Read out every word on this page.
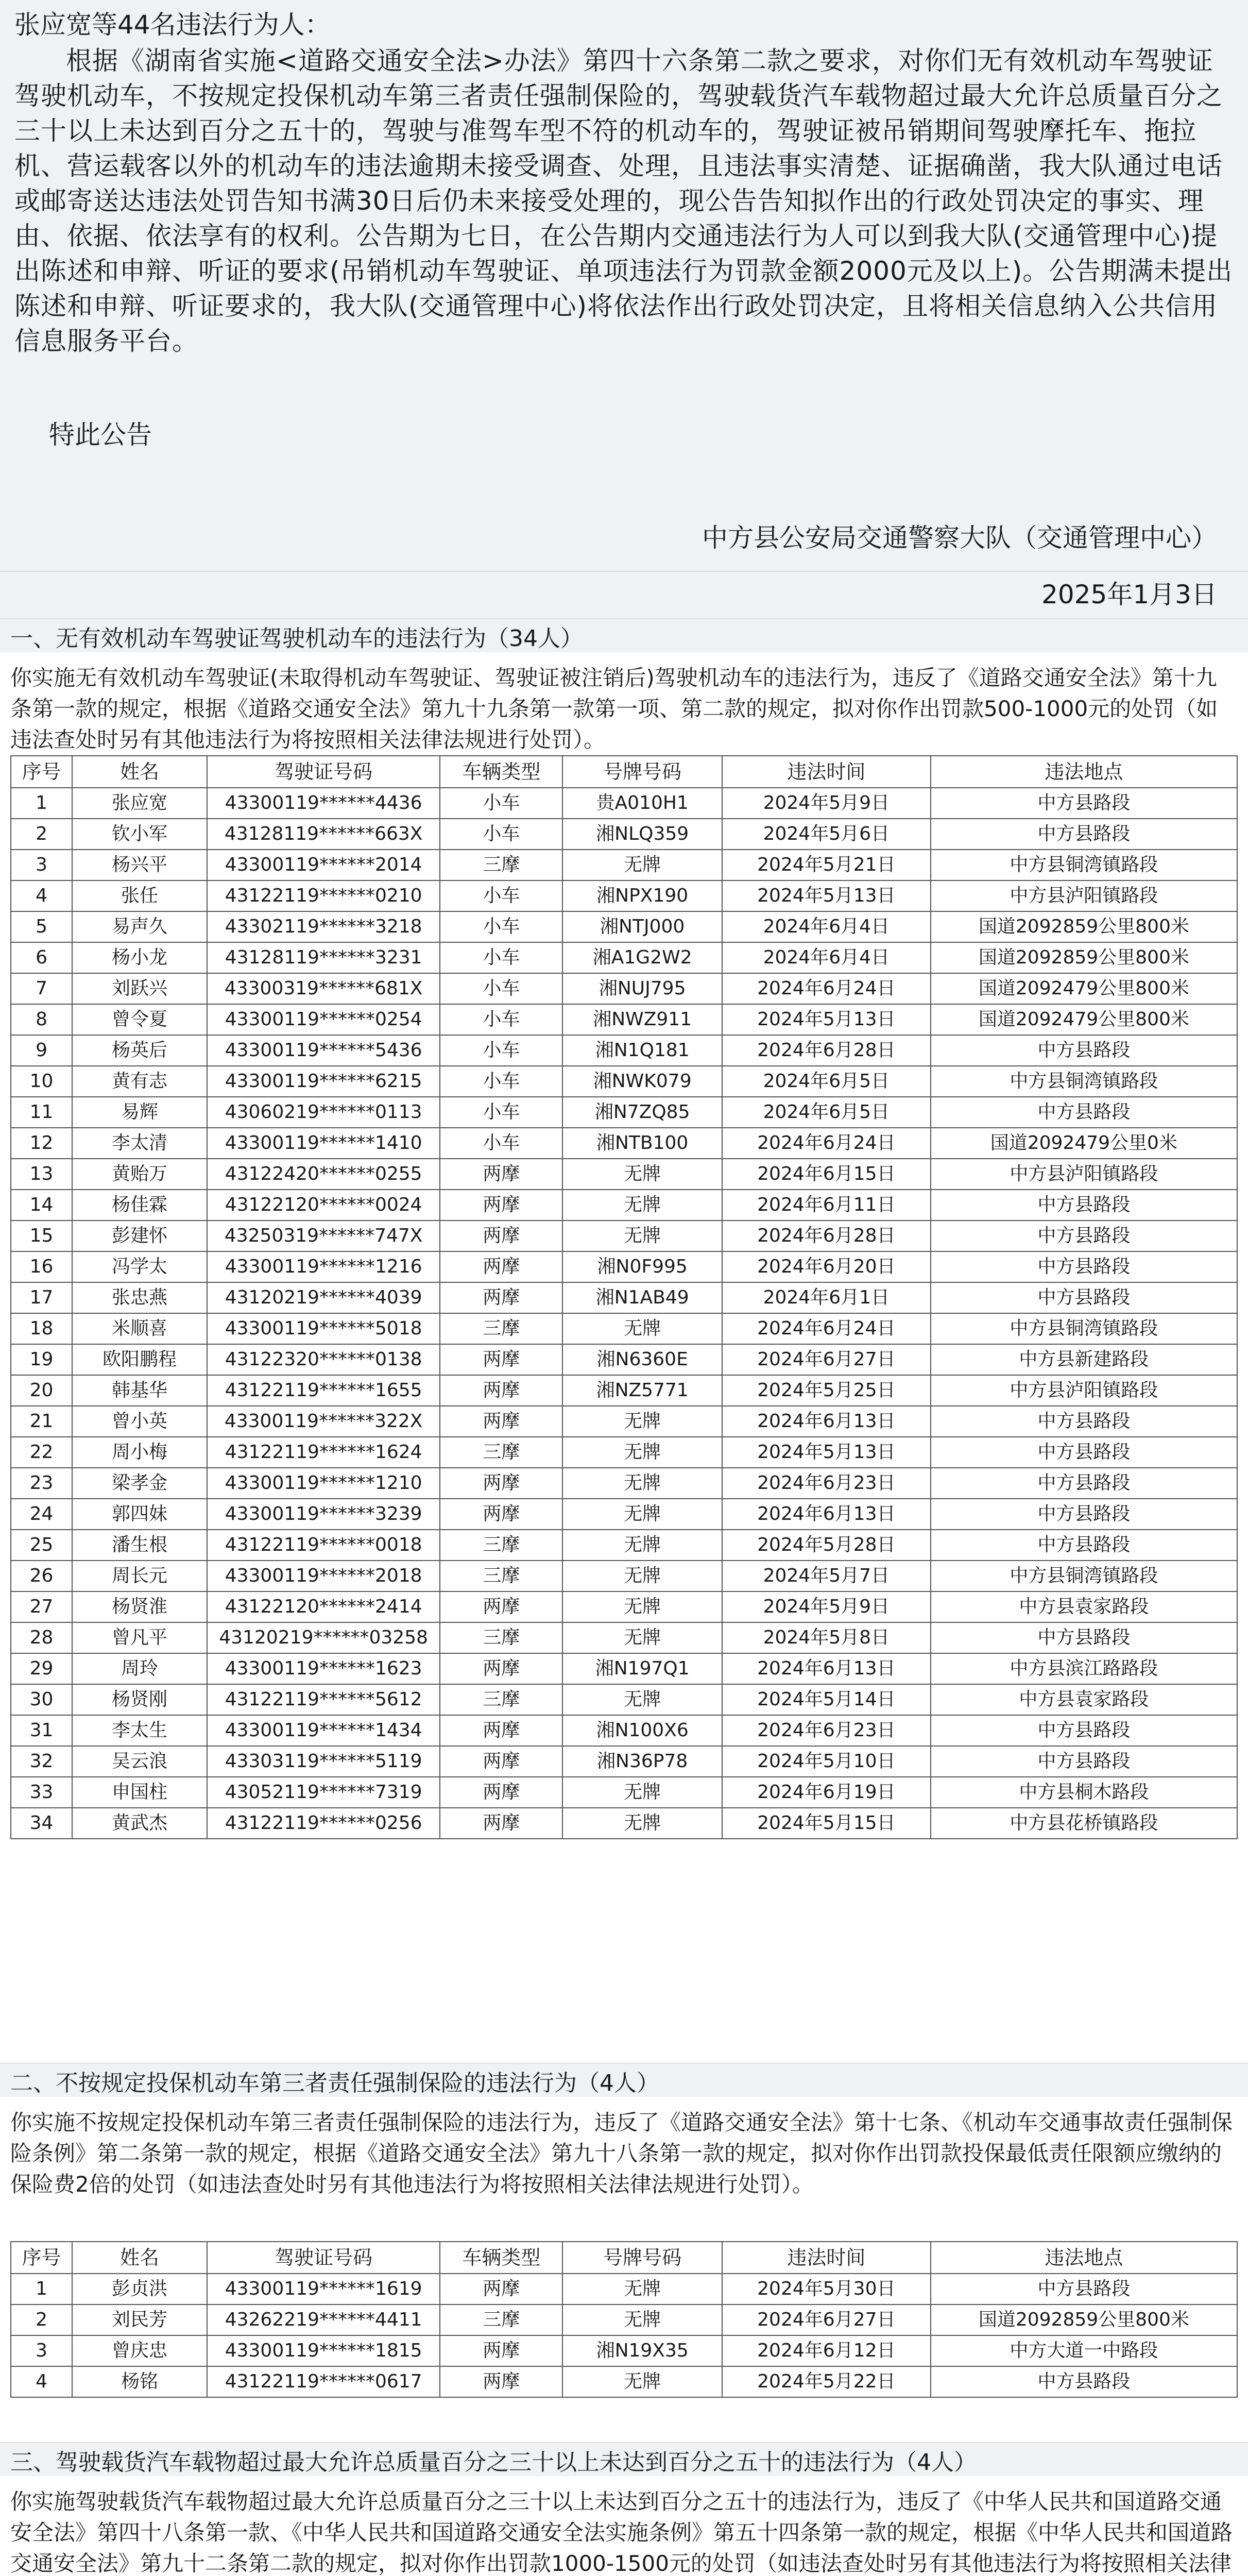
张应宽等44名违法行为人：

根据《湖南省实施<道路交通安全法>办法》第四十六条第二款之要求，对你们无有效机动车驾驶证驾驶机动车，不按规定投保机动车第三者责任强制保险的，驾驶载货汽车载物超过最大允许总质量百分之三十以上未达到百分之五十的，驾驶与准驾车型不符的机动车的，驾驶证被吊销期间驾驶摩托车、拖拉机、营运载客以外的机动车的违法逾期未接受调查、处理，且违法事实清楚、证据确凿，我大队通过电话或邮寄送达违法处罚告知书满30日后仍未来接受处理的，现公告告知拟作出的行政处罚决定的事实、理由、依据、依法享有的权利。公告期为七日，在公告期内交通违法行为人可以到我大队(交通管理中心)提出陈述和申辩、听证的要求(吊销机动车驾驶证、单项违法行为罚款金额2000元及以上)。公告期满未提出陈述和申辩、听证要求的，我大队(交通管理中心)将依法作出行政处罚决定，且将相关信息纳入公共信用信息服务平台。

特此公告

中方县公安局交通警察大队（交通管理中心）

2025年1月3日

一、无有效机动车驾驶证驾驶机动车的违法行为（34人）
你实施无有效机动车驾驶证(未取得机动车驾驶证、驾驶证被注销后)驾驶机动车的违法行为，违反了《道路交通安全法》第十九条第一款的规定，根据《道路交通安全法》第九十九条第一款第一项、第二款的规定，拟对你作出罚款500-1000元的处罚（如违法查处时另有其他违法行为将按照相关法律法规进行处罚）。
序号	姓名	驾驶证号码	车辆类型	号牌号码	违法时间	违法地点
1	张应宽	43300119******4436	小车	贵A010H1	2024年5月9日	中方县路段
2	钦小军	43128119******663X	小车	湘NLQ359	2024年5月6日	中方县路段
3	杨兴平	43300119******2014	三摩	无牌	2024年5月21日	中方县铜湾镇路段
4	张任	43122119******0210	小车	湘NPX190	2024年5月13日	中方县泸阳镇路段
5	易声久	43302119******3218	小车	湘NTJ000	2024年6月4日	国道2092859公里800米
6	杨小龙	43128119******3231	小车	湘A1G2W2	2024年6月4日	国道2092859公里800米
7	刘跃兴	43300319******681X	小车	湘NUJ795	2024年6月24日	国道2092479公里800米
8	曾令夏	43300119******0254	小车	湘NWZ911	2024年5月13日	国道2092479公里800米
9	杨英后	43300119******5436	小车	湘N1Q181	2024年6月28日	中方县路段
10	黄有志	43300119******6215	小车	湘NWK079	2024年6月5日	中方县铜湾镇路段
11	易辉	43060219******0113	小车	湘N7ZQ85	2024年6月5日	中方县路段
12	李太清	43300119******1410	小车	湘NTB100	2024年6月24日	国道2092479公里0米
13	黄贻万	43122420******0255	两摩	无牌	2024年6月15日	中方县泸阳镇路段
14	杨佳霖	43122120******0024	两摩	无牌	2024年6月11日	中方县路段
15	彭建怀	43250319******747X	两摩	无牌	2024年6月28日	中方县路段
16	冯学太	43300119******1216	两摩	湘N0F995	2024年6月20日	中方县路段
17	张忠燕	43120219******4039	两摩	湘N1AB49	2024年6月1日	中方县路段
18	米顺喜	43300119******5018	三摩	无牌	2024年6月24日	中方县铜湾镇路段
19	欧阳鹏程	43122320******0138	两摩	湘N6360E	2024年6月27日	中方县新建路段
20	韩基华	43122119******1655	两摩	湘NZ5771	2024年5月25日	中方县泸阳镇路段
21	曾小英	43300119******322X	两摩	无牌	2024年6月13日	中方县路段
22	周小梅	43122119******1624	三摩	无牌	2024年5月13日	中方县路段
23	梁孝金	43300119******1210	两摩	无牌	2024年6月23日	中方县路段
24	郭四妹	43300119******3239	两摩	无牌	2024年6月13日	中方县路段
25	潘生根	43122119******0018	三摩	无牌	2024年5月28日	中方县路段
26	周长元	43300119******2018	三摩	无牌	2024年5月7日	中方县铜湾镇路段
27	杨贤淮	43122120******2414	两摩	无牌	2024年5月9日	中方县袁家路段
28	曾凡平	43120219******03258	三摩	无牌	2024年5月8日	中方县路段
29	周玲	43300119******1623	两摩	湘N197Q1	2024年6月13日	中方县滨江路路段
30	杨贤刚	43122119******5612	三摩	无牌	2024年5月14日	中方县袁家路段
31	李太生	43300119******1434	两摩	湘N100X6	2024年6月23日	中方县路段
32	吴云浪	43303119******5119	两摩	湘N36P78	2024年5月10日	中方县路段
33	申国柱	43052119******7319	两摩	无牌	2024年6月19日	中方县桐木路段
34	黄武杰	43122119******0256	两摩	无牌	2024年5月15日	中方县花桥镇路段
二、不按规定投保机动车第三者责任强制保险的违法行为（4人）
你实施不按规定投保机动车第三者责任强制保险的违法行为，违反了《道路交通安全法》第十七条、《机动车交通事故责任强制保险条例》第二条第一款的规定，根据《道路交通安全法》第九十八条第一款的规定，拟对你作出罚款投保最低责任限额应缴纳的保险费2倍的处罚（如违法查处时另有其他违法行为将按照相关法律法规进行处罚）。
序号	姓名	驾驶证号码	车辆类型	号牌号码	违法时间	违法地点
1	彭贞洪	43300119******1619	两摩	无牌	2024年5月30日	中方县路段
2	刘民芳	43262219******4411	三摩	无牌	2024年6月27日	国道2092859公里800米
3	曾庆忠	43300119******1815	两摩	湘N19X35	2024年6月12日	中方大道一中路段
4	杨铭	43122119******0617	两摩	无牌	2024年5月22日	中方县路段
三、驾驶载货汽车载物超过最大允许总质量百分之三十以上未达到百分之五十的违法行为（4人）
你实施驾驶载货汽车载物超过最大允许总质量百分之三十以上未达到百分之五十的违法行为，违反了《中华人民共和国道路交通安全法》第四十八条第一款、《中华人民共和国道路交通安全法实施条例》第五十四条第一款的规定，根据《中华人民共和国道路交通安全法》第九十二条第二款的规定，拟对你作出罚款1000-1500元的处罚（如违法查处时另有其他违法行为将按照相关法律
